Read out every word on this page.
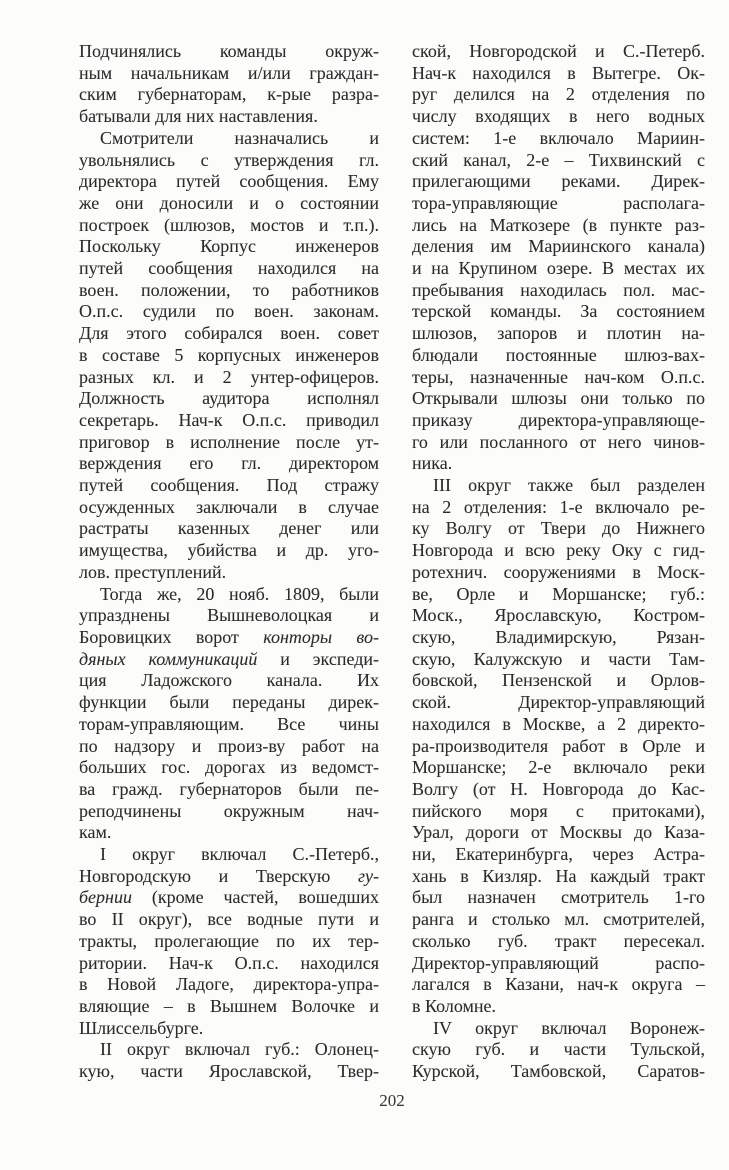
Подчинялись команды окруж-
ным начальникам и/или граждан-
ским губернаторам, к-рые разра-
батывали для них наставления.
Смотрители назначались и
увольнялись с утверждения гл.
директора путей сообщения. Ему
же они доносили и о состоянии
построек (шлюзов, мостов и т.п.).
Поскольку Корпус инженеров
путей сообщения находился на
воен. положении, то работников
О.п.с. судили по воен. законам.
Для этого собирался воен. совет
в составе 5 корпусных инженеров
разных кл. и 2 унтер-офицеров.
Должность аудитора исполнял
секретарь. Нач-к О.п.с. приводил
приговор в исполнение после ут-
верждения его гл. директором
путей сообщения. Под стражу
осужденных заключали в случае
растраты казенных денег или
имущества, убийства и др. уго-
лов. преступлений.
Тогда же, 20 нояб. 1809, были
упразднены Вышневолоцкая и
Боровицких ворот конторы во-
дяных коммуникаций и экспеди-
ция Ладожского канала. Их
функции были переданы дирек-
торам-управляющим. Все чины
по надзору и произ-ву работ на
больших гос. дорогах из ведомст-
ва гражд. губернаторов были пе-
реподчинены окружным нач-
кам.
I округ включал С.-Петерб.,
Новгородскую и Тверскую гу-
бернии (кроме частей, вошедших
во II округ), все водные пути и
тракты, пролегающие по их тер-
ритории. Нач-к О.п.с. находился
в Новой Ладоге, директора-упра-
вляющие – в Вышнем Волочке и
Шлиссельбурге.
II округ включал губ.: Олонец-
кую, части Ярославской, Твер-
ской, Новгородской и С.-Петерб.
Нач-к находился в Вытегре. Ок-
руг делился на 2 отделения по
числу входящих в него водных
систем: 1-е включало Мариин-
ский канал, 2-е – Тихвинский с
прилегающими реками. Дирек-
тора-управляющие располага-
лись на Маткозере (в пункте раз-
деления им Мариинского канала)
и на Крупином озере. В местах их
пребывания находилась пол. мас-
терской команды. За состоянием
шлюзов, запоров и плотин на-
блюдали постоянные шлюз-вах-
теры, назначенные нач-ком О.п.с.
Открывали шлюзы они только по
приказу директора-управляюще-
го или посланного от него чинов-
ника.
III округ также был разделен
на 2 отделения: 1-е включало ре-
ку Волгу от Твери до Нижнего
Новгорода и всю реку Оку с гид-
ротехнич. сооружениями в Моск-
ве, Орле и Моршанске; губ.:
Моск., Ярославскую, Костром-
скую, Владимирскую, Рязан-
скую, Калужскую и части Там-
бовской, Пензенской и Орлов-
ской. Директор-управляющий
находился в Москве, а 2 директо-
ра-производителя работ в Орле и
Моршанске; 2-е включало реки
Волгу (от Н. Новгорода до Кас-
пийского моря с притоками),
Урал, дороги от Москвы до Каза-
ни, Екатеринбурга, через Астра-
хань в Кизляр. На каждый тракт
был назначен смотритель 1-го
ранга и столько мл. смотрителей,
сколько губ. тракт пересекал.
Директор-управляющий распо-
лагался в Казани, нач-к округа –
в Коломне.
IV округ включал Воронеж-
скую губ. и части Тульской,
Курской, Тамбовской, Саратов-
202
